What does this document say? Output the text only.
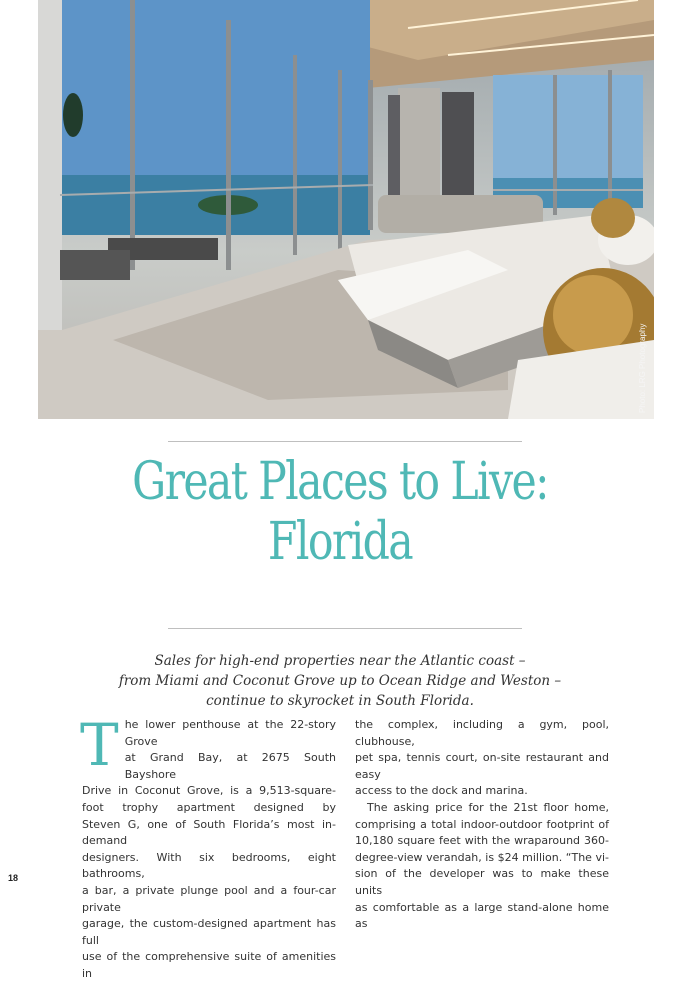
Photo: LRG Photography
Great Places to Live:
Florida

Sales for high-end properties near the Atlantic coast –
from Miami and Coconut Grove up to Ocean Ridge and Weston –
continue to skyrocket in South Florida.

T he lower penthouse at the 22-story Grove
at Grand Bay, at 2675 South Bayshore
Drive in Coconut Grove, is a 9,513-square-
foot trophy apartment designed by
Steven G, one of South Florida’s most in-demand
designers. With six bedrooms, eight bathrooms,
a bar, a private plunge pool and a four-car private
garage, the custom-designed apartment has full
use of the comprehensive suite of amenities in
the complex, including a gym, pool, clubhouse,
pet spa, tennis court, on-site restaurant and easy
access to the dock and marina.
The asking price for the 21st floor home,
comprising a total indoor-outdoor footprint of
10,180 square feet with the wraparound 360-
degree-view verandah, is $24 million. “The vi-
sion of the developer was to make these units
as comfortable as a large stand-alone home as
18
